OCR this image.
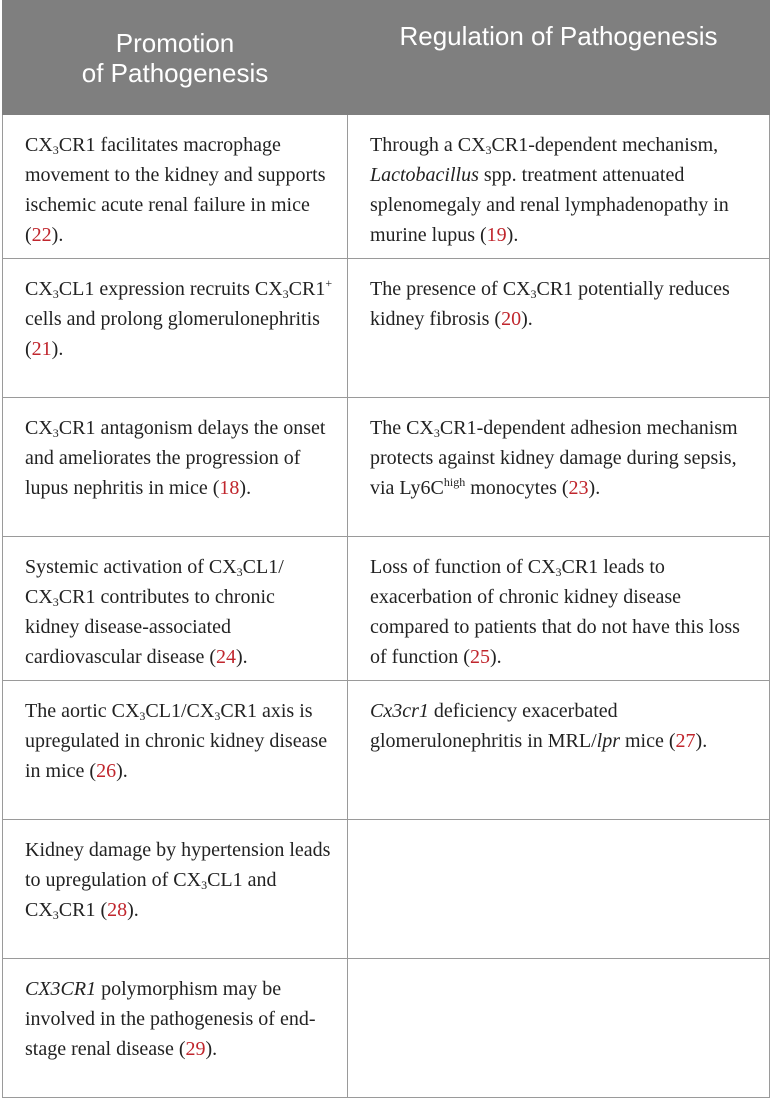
Promotion
of Pathogenesis	Regulation of Pathogenesis
$CX_3CR1$ facilitates macrophage movement to the kidney and supports ischemic acute renal failure in mice (22).	Through a $CX_3CR1$-dependent mechanism, Lactobacillus spp. treatment attenuated splenomegaly and renal lymphadenopathy in murine lupus (19).
$CX_3CL1$ expression recruits $CX_3CR1^+$ cells and prolong glomerulonephritis (21).	The presence of $CX_3CR1$ potentially reduces kidney fibrosis (20).
$CX_3CR1$ antagonism delays the onset and ameliorates the progression of lupus nephritis in mice (18).	The $CX_3CR1$-dependent adhesion mechanism protects against kidney damage during sepsis, via $Ly6C^{high}$ monocytes (23).
Systemic activation of $CX_3CL1/$ $CX_3CR1$ contributes to chronic kidney disease-associated cardiovascular disease (24).	Loss of function of $CX_3CR1$ leads to exacerbation of chronic kidney disease compared to patients that do not have this loss of function (25).
The aortic $CX_3CL1/CX_3CR1$ axis is upregulated in chronic kidney disease in mice (26).	Cx3cr1 deficiency exacerbated glomerulonephritis in MRL/lpr mice (27).
Kidney damage by hypertension leads to upregulation of $CX_3CL1$ and $CX_3CR1$ (28).	
CX3CR1 polymorphism may be involved in the pathogenesis of end-stage renal disease (29).	
